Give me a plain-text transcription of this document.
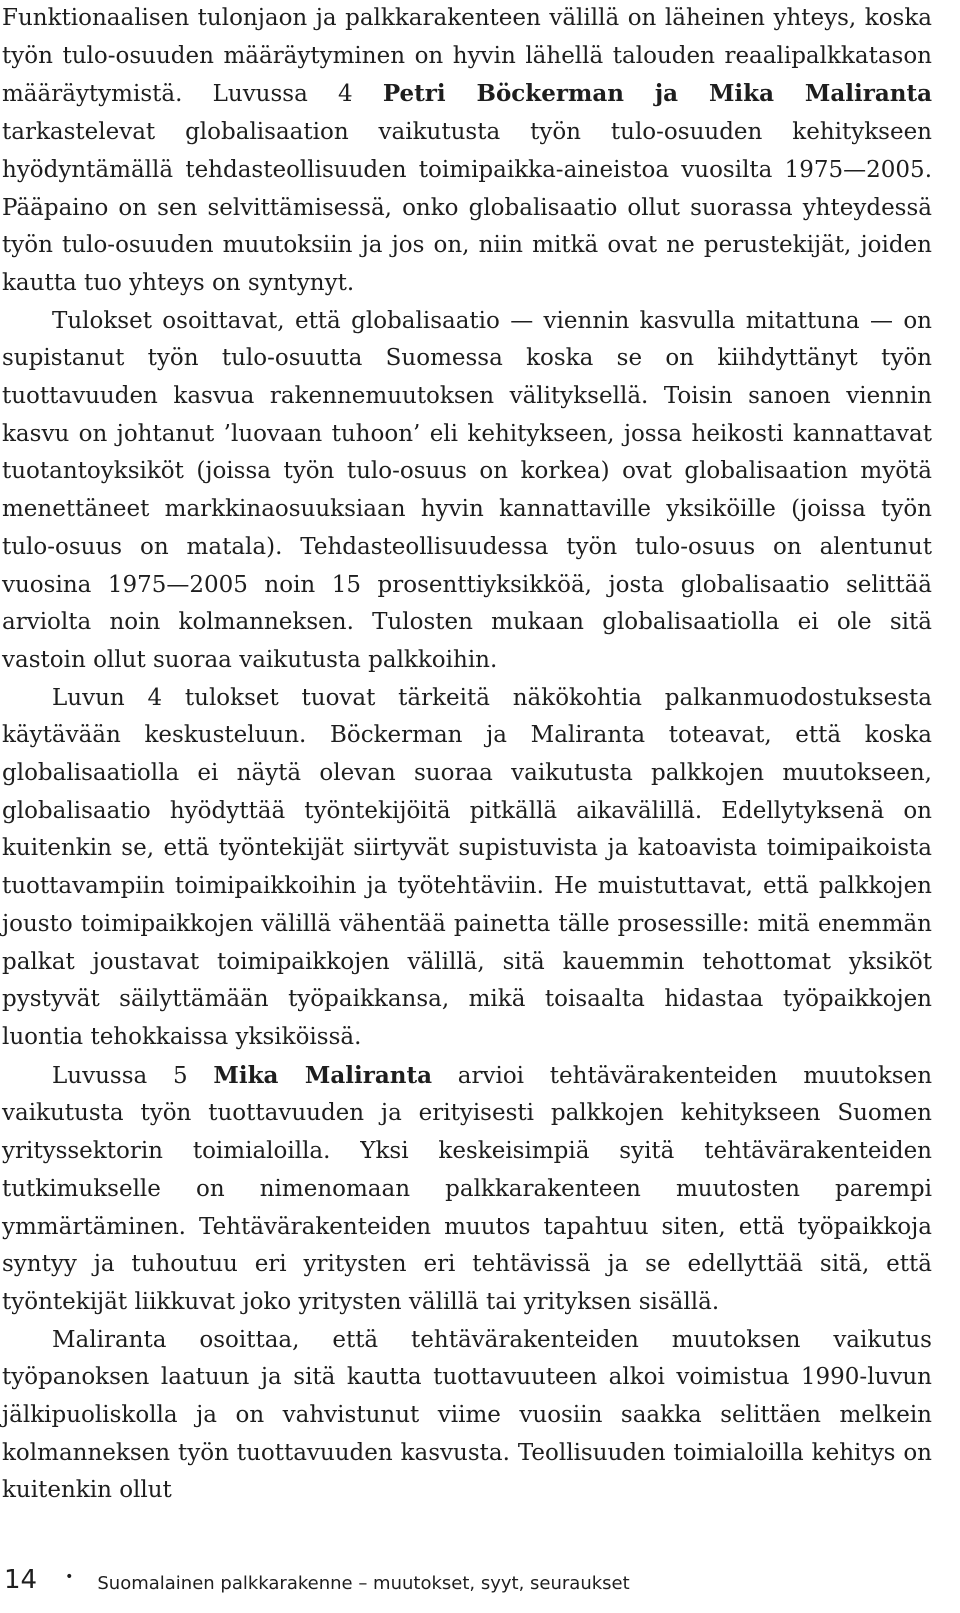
Funktionaalisen tulonjaon ja palkkarakenteen välillä on läheinen yhteys, koska työn tulo-osuuden määräytyminen on hyvin lähellä talouden reaalipalkkatason määräytymistä. Luvussa 4 Petri Böckerman ja Mika Maliranta tarkastelevat globalisaation vaikutusta työn tulo-osuuden kehitykseen hyödyntämällä tehdasteollisuuden toimipaikka-aineistoa vuosilta 1975—2005. Pääpaino on sen selvittämisessä, onko globalisaatio ollut suorassa yhteydessä työn tulo-osuuden muutoksiin ja jos on, niin mitkä ovat ne perustekijät, joiden kautta tuo yhteys on syntynyt.

Tulokset osoittavat, että globalisaatio — viennin kasvulla mitattuna — on supistanut työn tulo-osuutta Suomessa koska se on kiihdyttänyt työn tuottavuuden kasvua rakennemuutoksen välityksellä. Toisin sanoen viennin kasvu on johtanut ’luovaan tuhoon’ eli kehitykseen, jossa heikosti kannattavat tuotantoyksiköt (joissa työn tulo-osuus on korkea) ovat globalisaation myötä menettäneet markkinaosuuksiaan hyvin kannattaville yksiköille (joissa työn tulo-osuus on matala). Tehdasteollisuudessa työn tulo-osuus on alentunut vuosina 1975—2005 noin 15 prosenttiyksikköä, josta globalisaatio selittää arviolta noin kolmanneksen. Tulosten mukaan globalisaatiolla ei ole sitä vastoin ollut suoraa vaikutusta palkkoihin.

Luvun 4 tulokset tuovat tärkeitä näkökohtia palkanmuodostuksesta käytävään keskusteluun. Böckerman ja Maliranta toteavat, että koska globalisaatiolla ei näytä olevan suoraa vaikutusta palkkojen muutokseen, globalisaatio hyödyttää työntekijöitä pitkällä aikavälillä. Edellytyksenä on kuitenkin se, että työntekijät siirtyvät supistuvista ja katoavista toimipaikoista tuottavampiin toimipaikkoihin ja työtehtäviin. He muistuttavat, että palkkojen jousto toimipaikkojen välillä vähentää painetta tälle prosessille: mitä enemmän palkat joustavat toimipaikkojen välillä, sitä kauemmin tehottomat yksiköt pystyvät säilyttämään työpaikkansa, mikä toisaalta hidastaa työpaikkojen luontia tehokkaissa yksiköissä.

Luvussa 5 Mika Maliranta arvioi tehtävärakenteiden muutoksen vaikutusta työn tuottavuuden ja erityisesti palkkojen kehitykseen Suomen yrityssektorin toimialoilla. Yksi keskeisimpiä syitä tehtävärakenteiden tutkimukselle on nimenomaan palkkarakenteen muutosten parempi ymmärtäminen. Tehtävärakenteiden muutos tapahtuu siten, että työpaikkoja syntyy ja tuhoutuu eri yritysten eri tehtävissä ja se edellyttää sitä, että työntekijät liikkuvat joko yritysten välillä tai yrityksen sisällä.

Maliranta osoittaa, että tehtävärakenteiden muutoksen vaikutus työpanoksen laatuun ja sitä kautta tuottavuuteen alkoi voimistua 1990-luvun jälkipuoliskolla ja on vahvistunut viime vuosiin saakka selittäen melkein kolmanneksen työn tuottavuuden kasvusta. Teollisuuden toimialoilla kehitys on kuitenkin ollut

14 • Suomalainen palkkarakenne – muutokset, syyt, seuraukset
